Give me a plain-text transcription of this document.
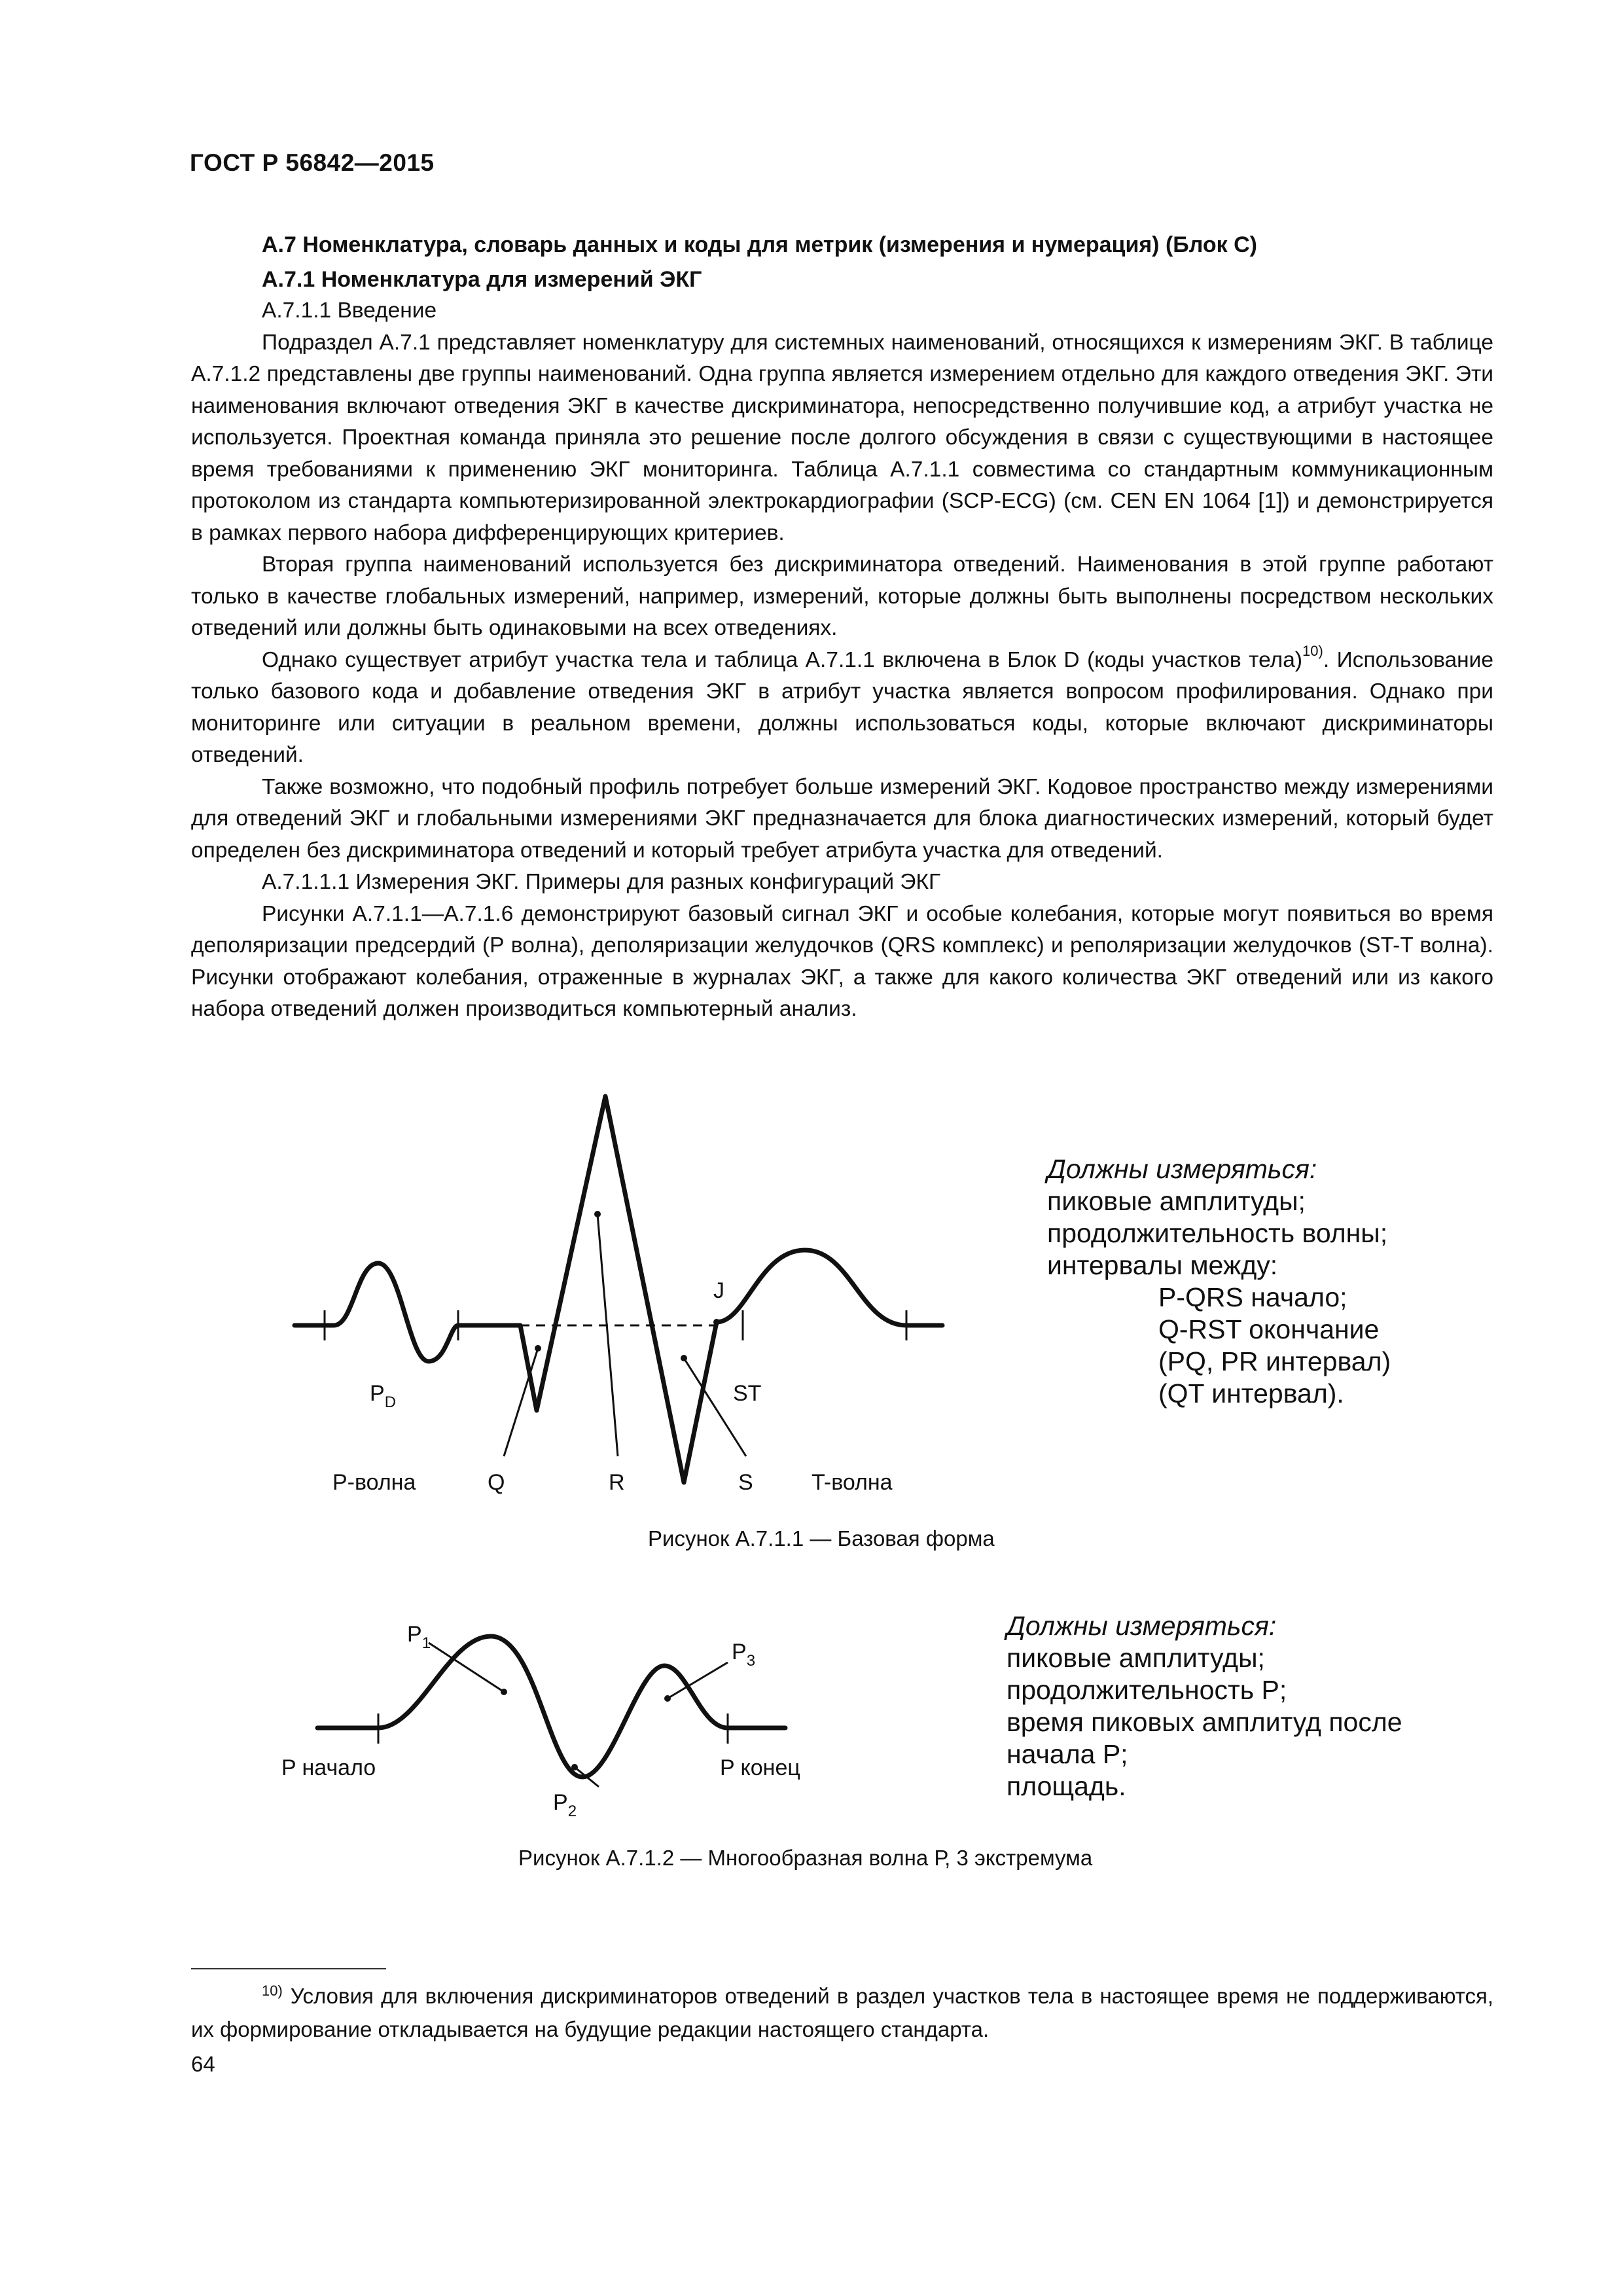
ГОСТ Р 56842—2015

А.7 Номенклатура, словарь данных и коды для метрик (измерения и нумерация) (Блок С)

А.7.1 Номенклатура для измерений ЭКГ

А.7.1.1 Введение

Подраздел А.7.1 представляет номенклатуру для системных наименований, относящихся к измерениям ЭКГ. В таблице А.7.1.2 представлены две группы наименований. Одна группа является измерением отдельно для каждого отведения ЭКГ. Эти наименования включают отведения ЭКГ в качестве дискриминатора, непосредственно получившие код, а атрибут участка не используется. Проектная команда приняла это решение после долгого обсуждения в связи с существующими в настоящее время требованиями к применению ЭКГ мониторинга. Таблица А.7.1.1 совместима со стандартным коммуникационным протоколом из стандарта компьютеризированной электрокардиографии (SCP-ECG) (см. CEN EN 1064 [1]) и демонстрируется в рамках первого набора дифференцирующих критериев.

Вторая группа наименований используется без дискриминатора отведений. Наименования в этой группе работают только в качестве глобальных измерений, например, измерений, которые должны быть выполнены посредством нескольких отведений или должны быть одинаковыми на всех отведениях.

Однако существует атрибут участка тела и таблица А.7.1.1 включена в Блок D (коды участков тела)$^{10)}$. Использование только базового кода и добавление отведения ЭКГ в атрибут участка является вопросом профилирования. Однако при мониторинге или ситуации в реальном времени, должны использоваться коды, которые включают дискриминаторы отведений.

Также возможно, что подобный профиль потребует больше измерений ЭКГ. Кодовое пространство между измерениями для отведений ЭКГ и глобальными измерениями ЭКГ предназначается для блока диагностических измерений, который будет определен без дискриминатора отведений и который требует атрибута участка для отведений.

А.7.1.1.1 Измерения ЭКГ. Примеры для разных конфигураций ЭКГ

Рисунки А.7.1.1—А.7.1.6 демонстрируют базовый сигнал ЭКГ и особые колебания, которые могут появиться во время деполяризации предсердий (Р волна), деполяризации желудочков (QRS комплекс) и реполяризации желудочков (ST-T волна). Рисунки отображают колебания, отраженные в журналах ЭКГ, а также для какого количества ЭКГ отведений или из какого набора отведений должен производиться компьютерный анализ.

$P_D$
J
ST
P-волна	Q	R	S	T-волна
Должны измеряться:
пиковые амплитуды;
продолжительность волны;
интервалы между:
P-QRS начало;
Q-RST окончание
(PQ, PR интервал)
(QT интервал).
Рисунок А.7.1.1 — Базовая форма
$P_1$
$P_2$
$P_3$
P начало	P конец
Должны измеряться:
пиковые амплитуды;
продолжительность P;
время пиковых амплитуд после
начала P;
площадь.
Рисунок А.7.1.2 — Многообразная волна Р, 3 экстремума
$^{10)}$ Условия для включения дискриминаторов отведений в раздел участков тела в настоящее время не поддерживаются, их формирование откладывается на будущие редакции настоящего стандарта.
64
